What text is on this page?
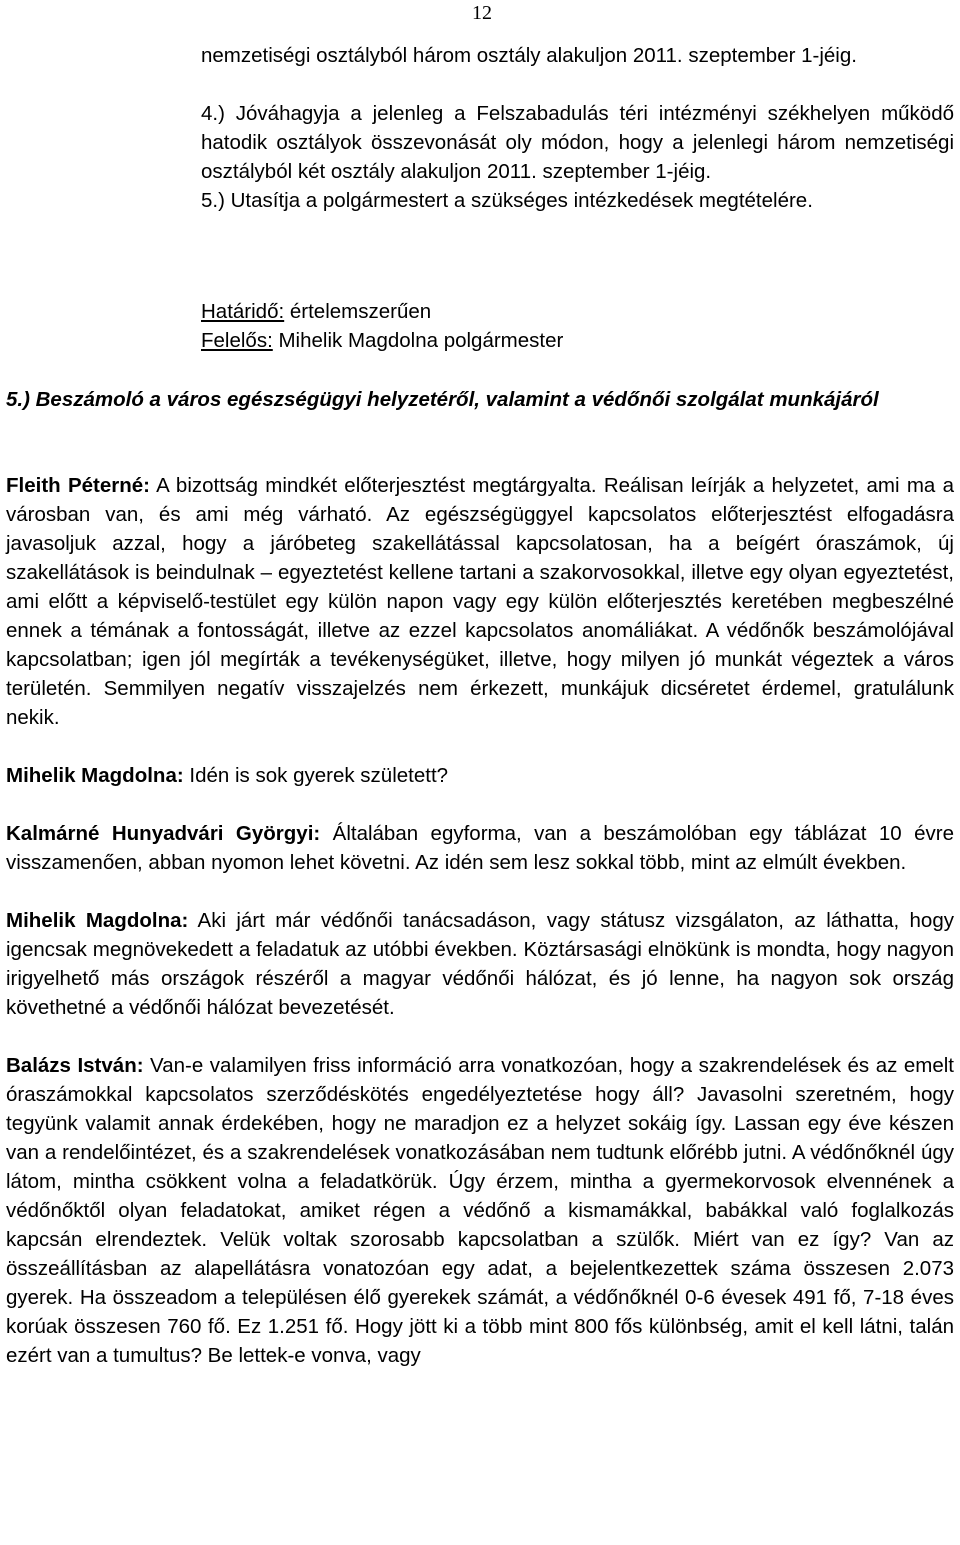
12

nemzetiségi osztályból három osztály alakuljon 2011. szeptember 1-jéig.

4.) Jóváhagyja a jelenleg a Felszabadulás téri intézményi székhelyen működő hatodik osztályok összevonását oly módon, hogy a jelenlegi három nemzetiségi osztályból két osztály alakuljon 2011. szeptember 1-jéig.

5.) Utasítja a polgármestert a szükséges intézkedések megtételére.

Határidő: értelemszerűen
Felelős: Mihelik Magdolna polgármester
5.) Beszámoló a város egészségügyi helyzetéről, valamint a védőnői szolgálat munkájáról

Fleith Péterné: A bizottság mindkét előterjesztést megtárgyalta. Reálisan leírják a helyzetet, ami ma a városban van, és ami még várható. Az egészségüggyel kapcsolatos előterjesztést elfogadásra javasoljuk azzal, hogy a járóbeteg szakellátással kapcsolatosan, ha a beígért óraszámok, új szakellátások is beindulnak – egyeztetést kellene tartani a szakorvosokkal, illetve egy olyan egyeztetést, ami előtt a képviselő-testület egy külön napon vagy egy külön előterjesztés keretében megbeszélné ennek a témának a fontosságát, illetve az ezzel kapcsolatos anomáliákat. A védőnők beszámolójával kapcsolatban; igen jól megírták a tevékenységüket, illetve, hogy milyen jó munkát végeztek a város területén. Semmilyen negatív visszajelzés nem érkezett, munkájuk dicséretet érdemel, gratulálunk nekik.

Mihelik Magdolna: Idén is sok gyerek született?

Kalmárné Hunyadvári Györgyi: Általában egyforma, van a beszámolóban egy táblázat 10 évre visszamenően, abban nyomon lehet követni. Az idén sem lesz sokkal több, mint az elmúlt években.

Mihelik Magdolna: Aki járt már védőnői tanácsadáson, vagy státusz vizsgálaton, az láthatta, hogy igencsak megnövekedett a feladatuk az utóbbi években. Köztársasági elnökünk is mondta, hogy nagyon irigyelhető más országok részéről a magyar védőnői hálózat, és jó lenne, ha nagyon sok ország követhetné a védőnői hálózat bevezetését.

Balázs István: Van-e valamilyen friss információ arra vonatkozóan, hogy a szakrendelések és az emelt óraszámokkal kapcsolatos szerződéskötés engedélyeztetése hogy áll? Javasolni szeretném, hogy tegyünk valamit annak érdekében, hogy ne maradjon ez a helyzet sokáig így. Lassan egy éve készen van a rendelőintézet, és a szakrendelések vonatkozásában nem tudtunk előrébb jutni. A védőnőknél úgy látom, mintha csökkent volna a feladatkörük. Úgy érzem, mintha a gyermekorvosok elvennének a védőnőktől olyan feladatokat, amiket régen a védőnő a kismamákkal, babákkal való foglalkozás kapcsán elrendeztek. Velük voltak szorosabb kapcsolatban a szülők. Miért van ez így? Van az összeállításban az alapellátásra vonatozóan egy adat, a bejelentkezettek száma összesen 2.073 gyerek. Ha összeadom a településen élő gyerekek számát, a védőnőknél 0-6 évesek 491 fő, 7-18 éves korúak összesen 760 fő. Ez 1.251 fő. Hogy jött ki a több mint 800 fős különbség, amit el kell látni, talán ezért van a tumultus? Be lettek-e vonva, vagy
